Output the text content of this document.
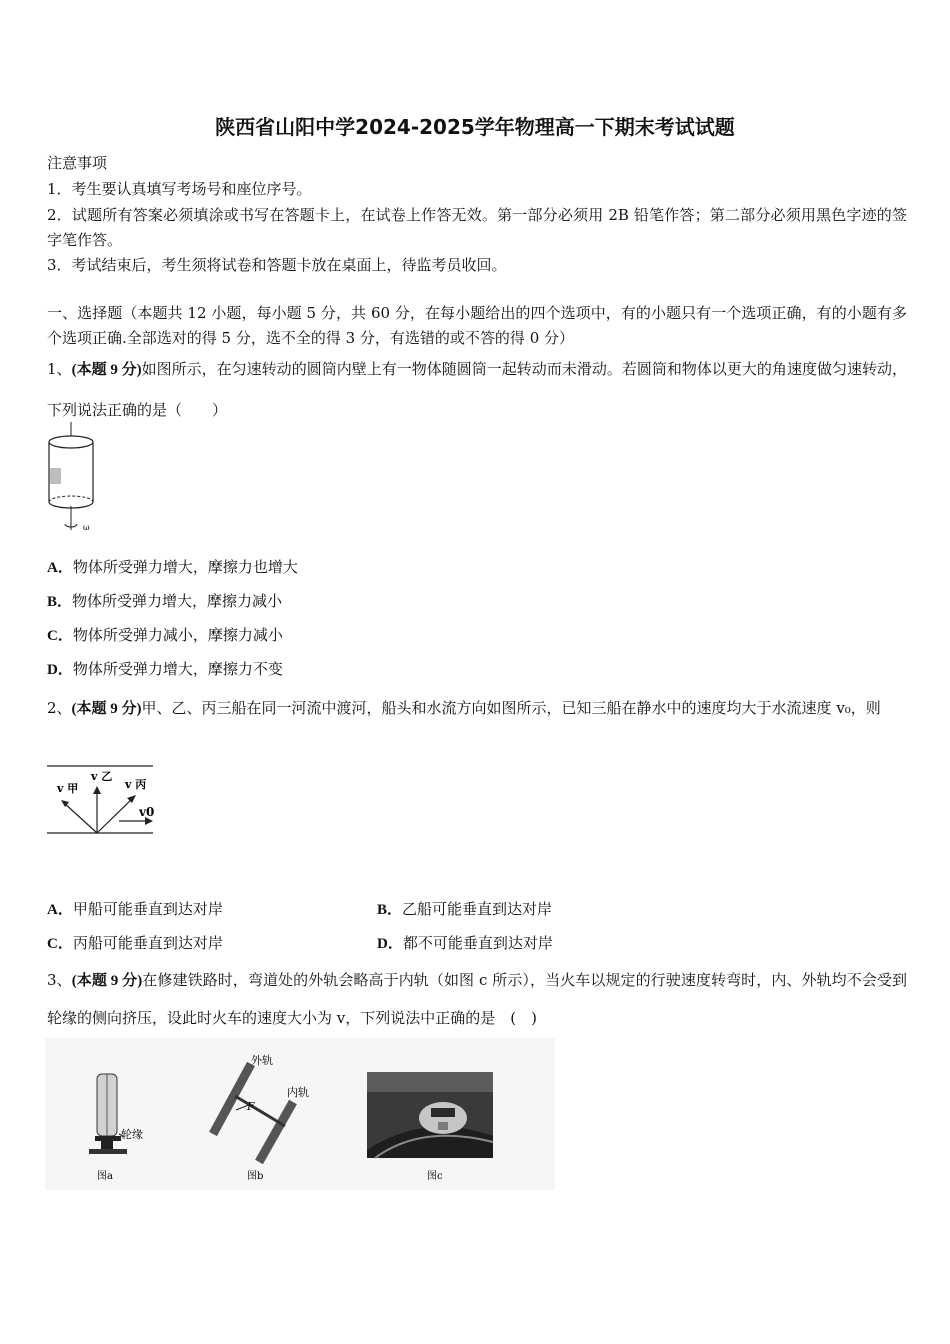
陕西省山阳中学2024-2025学年物理高一下期末考试试题
注意事项
1．考生要认真填写考场号和座位序号。
2．试题所有答案必须填涂或书写在答题卡上，在试卷上作答无效。第一部分必须用 2B 铅笔作答；第二部分必须用黑色字迹的签字笔作答。
3．考试结束后，考生须将试卷和答题卡放在桌面上，待监考员收回。
一、选择题（本题共 12 小题，每小题 5 分，共 60 分，在每小题给出的四个选项中，有的小题只有一个选项正确，有的小题有多个选项正确.全部选对的得 5 分，选不全的得 3 分，有选错的或不答的得 0 分）
1、(本题 9 分)如图所示，在匀速转动的圆筒内壁上有一物体随圆筒一起转动而未滑动。若圆筒和物体以更大的角速度做匀速转动，下列说法正确的是（　　）
ω
A．物体所受弹力增大，摩擦力也增大
B．物体所受弹力增大，摩擦力减小
C．物体所受弹力减小，摩擦力减小
D．物体所受弹力增大，摩擦力不变
2、(本题 9 分)甲、乙、丙三船在同一河流中渡河，船头和水流方向如图所示，已知三船在静水中的速度均大于水流速度 v₀，则
v 甲
v 乙
v 丙
v0
A．甲船可能垂直到达对岸	B．乙船可能垂直到达对岸
C．丙船可能垂直到达对岸	D．都不可能垂直到达对岸
3、(本题 9 分)在修建铁路时，弯道处的外轨会略高于内轨（如图 c 所示），当火车以规定的行驶速度转弯时，内、外轨均不会受到轮缘的侧向挤压，设此时火车的速度大小为 v，下列说法中正确的是　(　)
轮缘
图a
F
外轨
内轨
图b	图c
